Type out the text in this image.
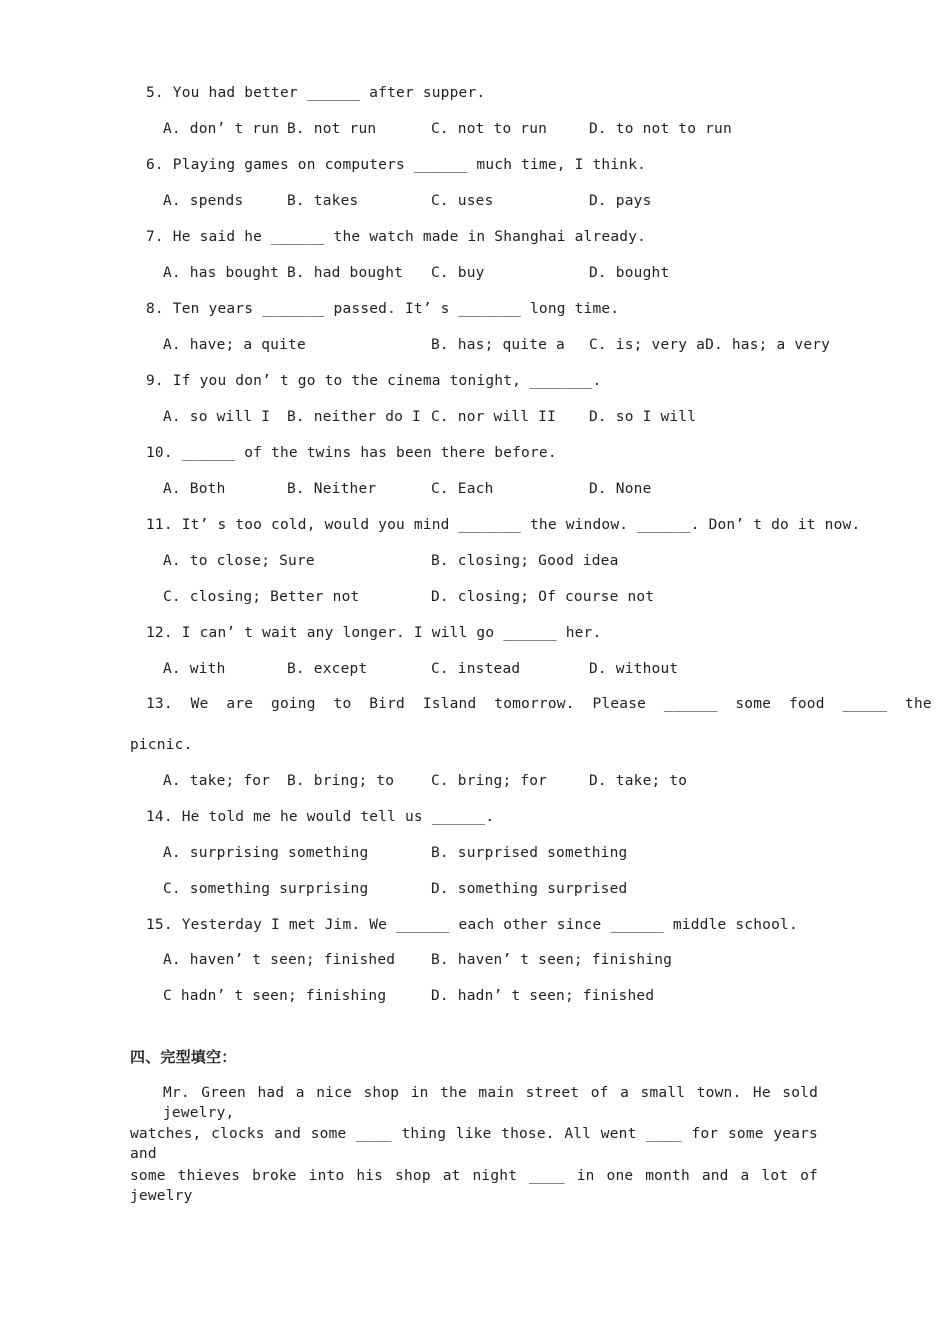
5. You had better ______ after supper.
A. don’ t run B. not run	C. not to run	D. to not to run
6. Playing games on computers ______ much time, I think.
A. spends	B. takes	C. uses	D. pays
7. He said he ______ the watch made in Shanghai already.
A. has bought B. had bought C. buy	D. bought
8. Ten years _______ passed. It’ s _______ long time.
A. have; a quite	B. has; quite a C. is; very aD. has; a very
9. If you don’ t go to the cinema tonight, _______.
A. so will I B. neither do I C. nor will II D. so I will
10. ______ of the twins has been there before.
A. Both	B. Neither	C. Each	D. None
11. It’ s too cold, would you mind _______ the window. ______. Don’ t do it now.
A. to close; Sure	B. closing; Good idea
C. closing; Better not	D. closing; Of course not
12. I can’ t wait any longer. I will go ______ her.
A. with	B. except	C. instead	D. without
13.  We  are  going  to  Bird  Island  tomorrow.  Please  ______  some  food  _____  the
picnic.
A. take; for B. bring; to	C. bring; for	D. take; to
14. He told me he would tell us ______.
A. surprising something	B. surprised something
C. something surprising	D. something surprised
15. Yesterday I met Jim. We ______ each other since ______ middle school.
A. haven’ t seen; finished B. haven’ t seen; finishing
C hadn’ t seen; finishing	D. hadn’ t seen; finished
四、完型填空：
Mr. Green had a nice shop in the main street of a small town. He sold jewelry,
watches, clocks and some ____ thing like those. All went ____ for some years and
some thieves broke into his shop at night ____ in one month and a lot of jewelry
